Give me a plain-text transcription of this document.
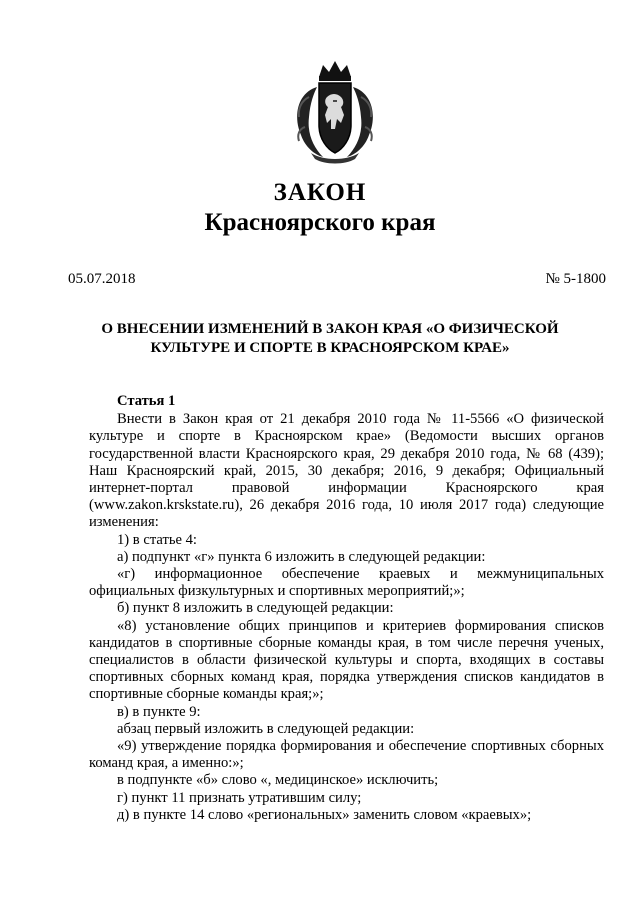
ЗАКОН
Красноярского края
05.07.2018	№ 5-1800
О ВНЕСЕНИИ ИЗМЕНЕНИЙ В ЗАКОН КРАЯ «О ФИЗИЧЕСКОЙ КУЛЬТУРЕ И СПОРТЕ В КРАСНОЯРСКОМ КРАЕ»
Статья 1

Внести в Закон края от 21 декабря 2010 года № 11-5566 «О физической культуре и спорте в Красноярском крае» (Ведомости высших органов государственной власти Красноярского края, 29 декабря 2010 года, № 68 (439); Наш Красноярский край, 2015, 30 декабря; 2016, 9 декабря; Официальный интернет-портал правовой информации Красноярского края (www.zakon.krskstate.ru), 26 декабря 2016 года, 10 июля 2017 года) следующие изменения:

1) в статье 4:

а) подпункт «г» пункта 6 изложить в следующей редакции:

«г) информационное обеспечение краевых и межмуниципальных официальных физкультурных и спортивных мероприятий;»;

б) пункт 8 изложить в следующей редакции:

«8) установление общих принципов и критериев формирования списков кандидатов в спортивные сборные команды края, в том числе перечня ученых, специалистов в области физической культуры и спорта, входящих в составы спортивных сборных команд края, порядка утверждения списков кандидатов в спортивные сборные команды края;»;

в) в пункте 9:

абзац первый изложить в следующей редакции:

«9) утверждение порядка формирования и обеспечение спортивных сборных команд края, а именно:»;

в подпункте «б» слово «, медицинское» исключить;

г) пункт 11 признать утратившим силу;

д) в пункте 14 слово «региональных» заменить словом «краевых»;
